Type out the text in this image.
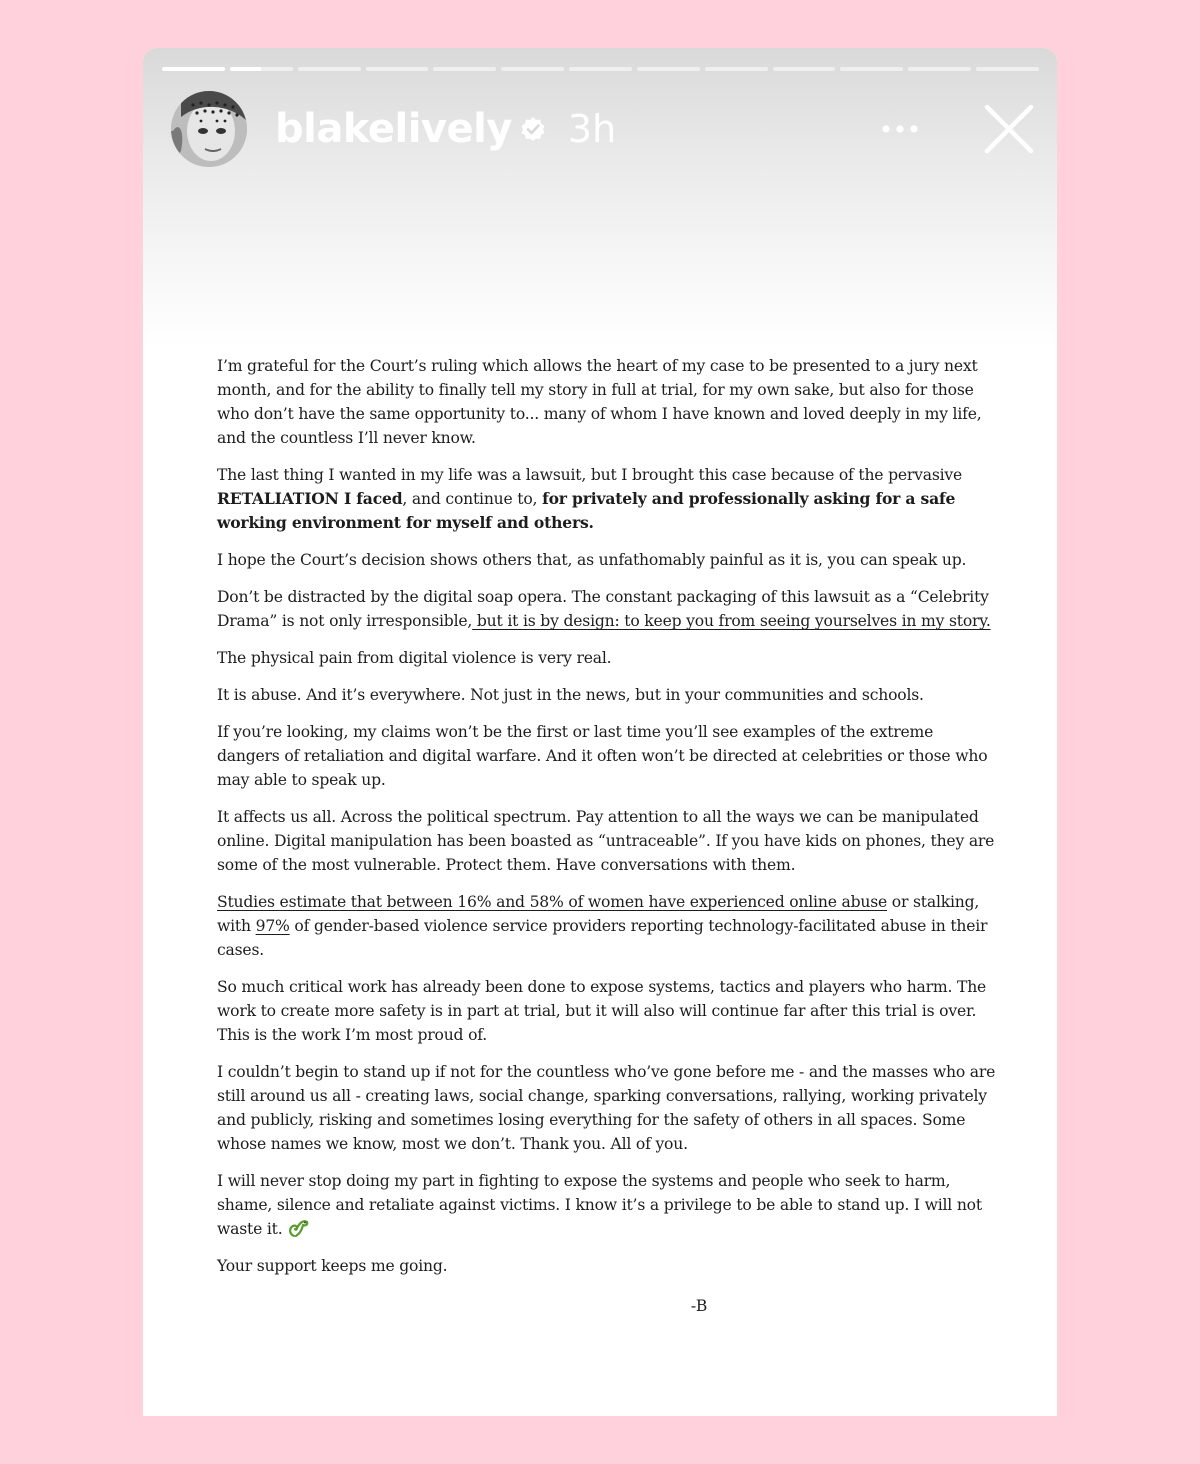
blakelively 3h

I’m grateful for the Court’s ruling which allows the heart of my case to be presented to a jury next month, and for the ability to finally tell my story in full at trial, for my own sake, but also for those who don’t have the same opportunity to... many of whom I have known and loved deeply in my life, and the countless I’ll never know.

The last thing I wanted in my life was a lawsuit, but I brought this case because of the pervasive RETALIATION I faced, and continue to, for privately and professionally asking for a safe working environment for myself and others.

I hope the Court’s decision shows others that, as unfathomably painful as it is, you can speak up.

Don’t be distracted by the digital soap opera. The constant packaging of this lawsuit as a “Celebrity Drama” is not only irresponsible, but it is by design: to keep you from seeing yourselves in my story.

The physical pain from digital violence is very real.

It is abuse. And it’s everywhere. Not just in the news, but in your communities and schools.

If you’re looking, my claims won’t be the first or last time you’ll see examples of the extreme dangers of retaliation and digital warfare. And it often won’t be directed at celebrities or those who may able to speak up.

It affects us all. Across the political spectrum. Pay attention to all the ways we can be manipulated online. Digital manipulation has been boasted as “untraceable”. If you have kids on phones, they are some of the most vulnerable. Protect them. Have conversations with them.

Studies estimate that between 16% and 58% of women have experienced online abuse or stalking, with 97% of gender-based violence service providers reporting technology-facilitated abuse in their cases.

So much critical work has already been done to expose systems, tactics and players who harm. The work to create more safety is in part at trial, but it will also will continue far after this trial is over. This is the work I’m most proud of.

I couldn’t begin to stand up if not for the countless who’ve gone before me - and the masses who are still around us all - creating laws, social change, sparking conversations, rallying, working privately and publicly, risking and sometimes losing everything for the safety of others in all spaces. Some whose names we know, most we don’t. Thank you. All of you.

I will never stop doing my part in fighting to expose the systems and people who seek to harm, shame, silence and retaliate against victims. I know it’s a privilege to be able to stand up. I will not waste it.

Your support keeps me going.

-B
